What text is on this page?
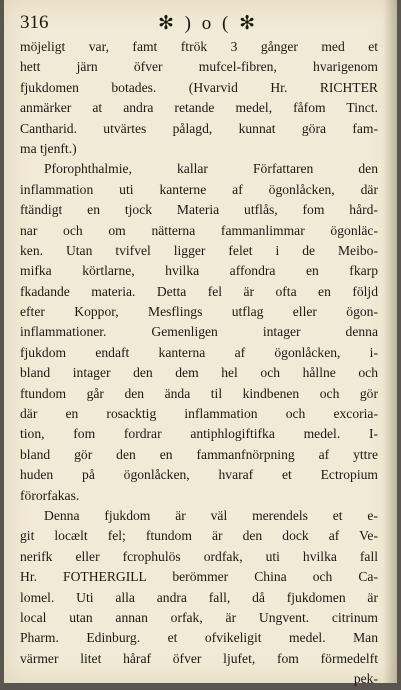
316	✻ ) o ( ✻
möjeligt var, famt ftrök 3 gånger med et
hett järn öfver mufcel-fibren, hvarigenom
fjukdomen botades. (Hvarvid Hr. RICHTER
anmärker at andra retande medel, fåfom Tinct.
Cantharid. utvärtes pålagd, kunnat göra fam-
ma tjenft.)
Pforophthalmie, kallar Författaren den
inflammation uti kanterne af ögonlåcken, där
ftändigt en tjock Materia utflås, fom hård-
nar och om nätterna fammanlimmar ögonläc-
ken. Utan tvifvel ligger felet i de Meibo-
mifka körtlarne, hvilka affondra en fkarp
fkadande materia. Detta fel är ofta en följd
efter Koppor, Mesflings utflag eller ögon-
inflammationer. Gemenligen intager denna
fjukdom endaft kanterna af ögonlåcken, i-
bland intager den dem hel och hållne och
ftundom går den ända til kindbenen och gör
där en rosacktig inflammation och excoria-
tion, fom fordrar antiphlogiftifka medel. I-
bland gör den en fammanfnörpning af yttre
huden på ögonlåcken, hvaraf et Ectropium
förorfakas.
Denna fjukdom är väl merendels et e-
git locælt fel; ftundom är den dock af Ve-
nerifk eller fcrophulös ordfak, uti hvilka fall
Hr. FOTHERGILL berömmer China och Ca-
lomel. Uti alla andra fall, då fjukdomen är
local utan annan orfak, är Ungvent. citrinum
Pharm. Edinburg. et ofvikeligit medel. Man
värmer litet håraf öfver ljufet, fom förmedelft
pek-
